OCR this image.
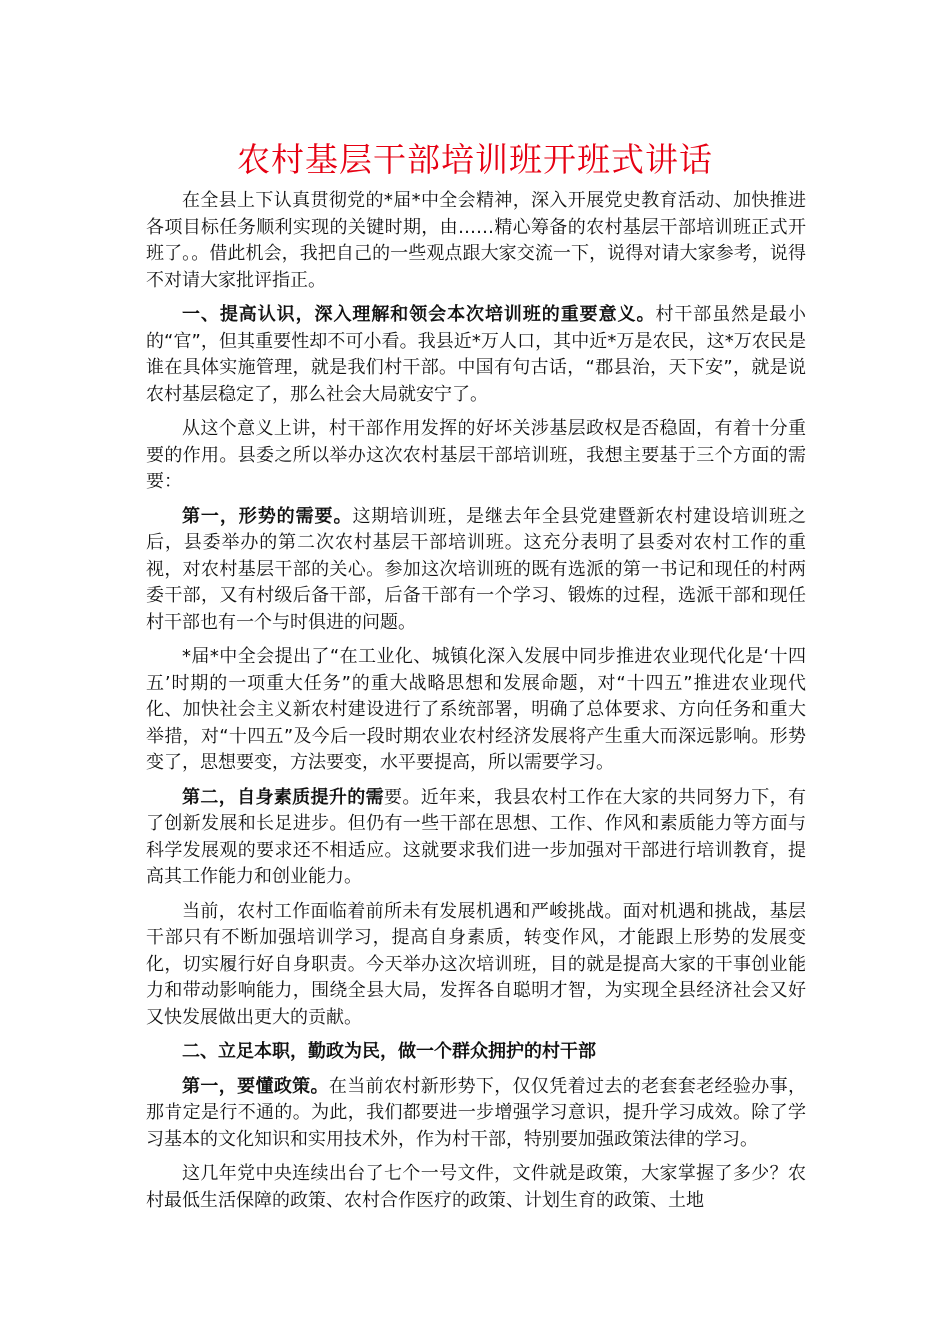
农村基层干部培训班开班式讲话

在全县上下认真贯彻党的*届*中全会精神，深入开展党史教育活动、加快推进各项目标任务顺利实现的关键时期，由……精心筹备的农村基层干部培训班正式开班了。。借此机会，我把自己的一些观点跟大家交流一下，说得对请大家参考，说得不对请大家批评指正。

一、提高认识，深入理解和领会本次培训班的重要意义。村干部虽然是最小的“官”，但其重要性却不可小看。我县近*万人口，其中近*万是农民，这*万农民是谁在具体实施管理，就是我们村干部。中国有句古话，“郡县治，天下安”，就是说农村基层稳定了，那么社会大局就安宁了。

从这个意义上讲，村干部作用发挥的好坏关涉基层政权是否稳固，有着十分重要的作用。县委之所以举办这次农村基层干部培训班，我想主要基于三个方面的需要：

第一，形势的需要。这期培训班，是继去年全县党建暨新农村建设培训班之后，县委举办的第二次农村基层干部培训班。这充分表明了县委对农村工作的重视，对农村基层干部的关心。参加这次培训班的既有选派的第一书记和现任的村两委干部，又有村级后备干部，后备干部有一个学习、锻炼的过程，选派干部和现任村干部也有一个与时俱进的问题。

*届*中全会提出了“在工业化、城镇化深入发展中同步推进农业现代化是‘十四五’时期的一项重大任务”的重大战略思想和发展命题，对“十四五”推进农业现代化、加快社会主义新农村建设进行了系统部署，明确了总体要求、方向任务和重大举措，对“十四五”及今后一段时期农业农村经济发展将产生重大而深远影响。形势变了，思想要变，方法要变，水平要提高，所以需要学习。

第二，自身素质提升的需要。近年来，我县农村工作在大家的共同努力下，有了创新发展和长足进步。但仍有一些干部在思想、工作、作风和素质能力等方面与科学发展观的要求还不相适应。这就要求我们进一步加强对干部进行培训教育，提高其工作能力和创业能力。

当前，农村工作面临着前所未有发展机遇和严峻挑战。面对机遇和挑战，基层干部只有不断加强培训学习，提高自身素质，转变作风，才能跟上形势的发展变化，切实履行好自身职责。今天举办这次培训班，目的就是提高大家的干事创业能力和带动影响能力，围绕全县大局，发挥各自聪明才智，为实现全县经济社会又好又快发展做出更大的贡献。

二、立足本职，勤政为民，做一个群众拥护的村干部

第一，要懂政策。在当前农村新形势下，仅仅凭着过去的老套套老经验办事，那肯定是行不通的。为此，我们都要进一步增强学习意识，提升学习成效。除了学习基本的文化知识和实用技术外，作为村干部，特别要加强政策法律的学习。

这几年党中央连续出台了七个一号文件，文件就是政策，大家掌握了多少？农村最低生活保障的政策、农村合作医疗的政策、计划生育的政策、土地
